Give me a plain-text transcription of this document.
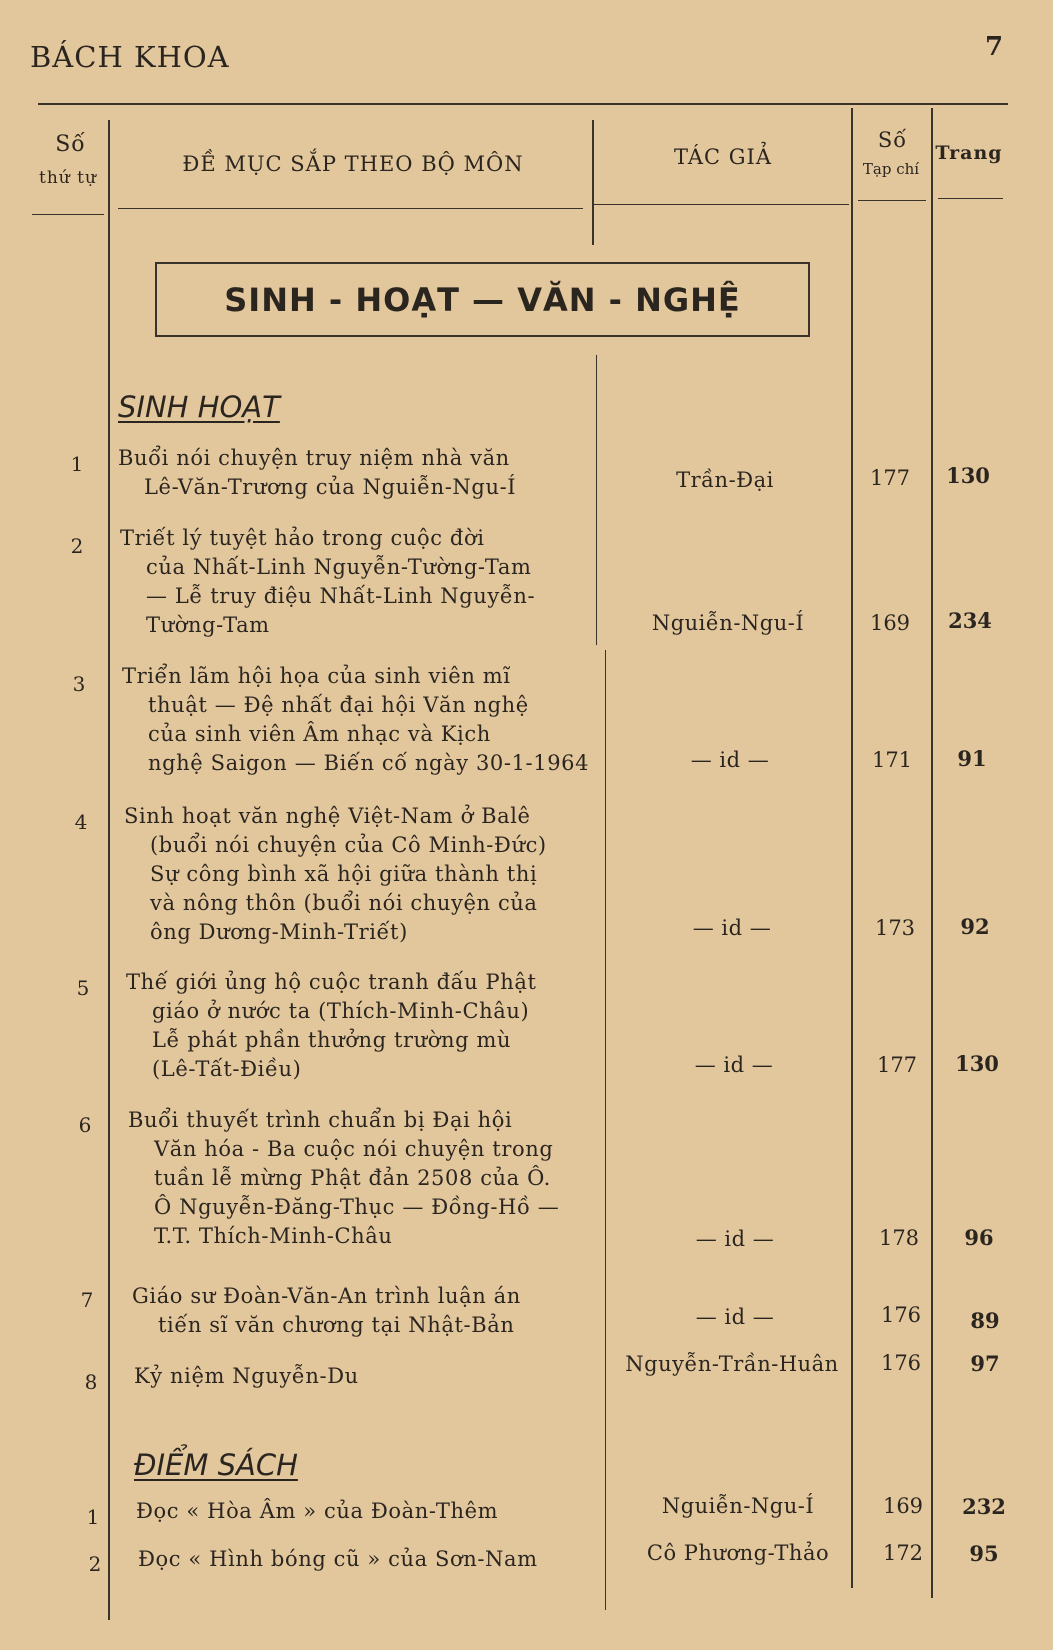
BÁCH KHOA	7
Số
thứ tự
ĐỀ MỤC SẮP THEO BỘ MÔN	TÁC GIẢ
Số
Tạp chí
Trang
SINH - HOẠT — VĂN - NGHỆ
SINH HOẠT
ĐIỂM SÁCH
1	Buổi nói chuyện truy niệm nhà văn
Lê-Văn-Trương của Nguiễn-Ngu-Í	Trần-Đại	177	130
2	Triết lý tuyệt hảo trong cuộc đời
của Nhất-Linh Nguyễn-Tường-Tam
— Lễ truy điệu Nhất-Linh Nguyễn-
Tường-Tam	Nguiễn-Ngu-Í	169	234
3	Triển lãm hội họa của sinh viên mĩ
thuật — Đệ nhất đại hội Văn nghệ
của sinh viên Âm nhạc và Kịch
nghệ Saigon — Biến cố ngày 30-1-1964	— id —	171	91
4	Sinh hoạt văn nghệ Việt-Nam ở Balê
(buổi nói chuyện của Cô Minh-Đức)
Sự công bình xã hội giữa thành thị
và nông thôn (buổi nói chuyện của
ông Dương-Minh-Triết)	— id —	173	92
5	Thế giới ủng hộ cuộc tranh đấu Phật
giáo ở nước ta (Thích-Minh-Châu)
Lễ phát phần thưởng trường mù
(Lê-Tất-Điều)	— id —	177	130
6	Buổi thuyết trình chuẩn bị Đại hội
Văn hóa - Ba cuộc nói chuyện trong
tuần lễ mừng Phật đản 2508 của Ô.
Ô Nguyễn-Đăng-Thục — Đồng-Hồ —
T.T. Thích-Minh-Châu	— id —	178	96
7	Giáo sư Đoàn-Văn-An trình luận án
tiến sĩ văn chương tại Nhật-Bản	— id —	176	89
8	Kỷ niệm Nguyễn-Du	Nguyễn-Trần-Huân	176	97
1	Đọc « Hòa Âm » của Đoàn-Thêm	Nguiễn-Ngu-Í	169	232
2	Đọc « Hình bóng cũ » của Sơn-Nam	Cô Phương-Thảo	172	95
